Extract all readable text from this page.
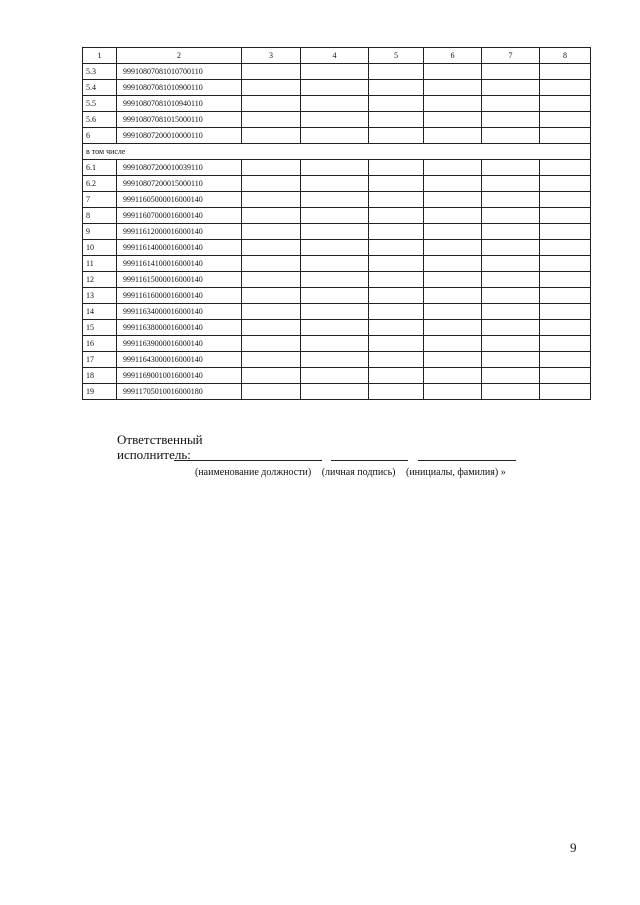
1	2	3	4	5	6	7	8
5.3	99910807081010700110						
5.4	99910807081010900110						
5.5	99910807081010940110						
5.6	99910807081015000110						
6	99910807200010000110						
в том числе							
6.1	99910807200010039110						
6.2	99910807200015000110						
7	99911605000016000140						
8	99911607000016000140						
9	99911612000016000140						
10	99911614000016000140						
11	99911614100016000140						
12	99911615000016000140						
13	99911616000016000140						
14	99911634000016000140						
15	99911638000016000140						
16	99911639000016000140						
17	99911643000016000140						
18	99911690010016000140						
19	99911705010016000180						
Ответственный
исполнитель:
(наименование должности) (личная подпись) (инициалы, фамилия) »
9
